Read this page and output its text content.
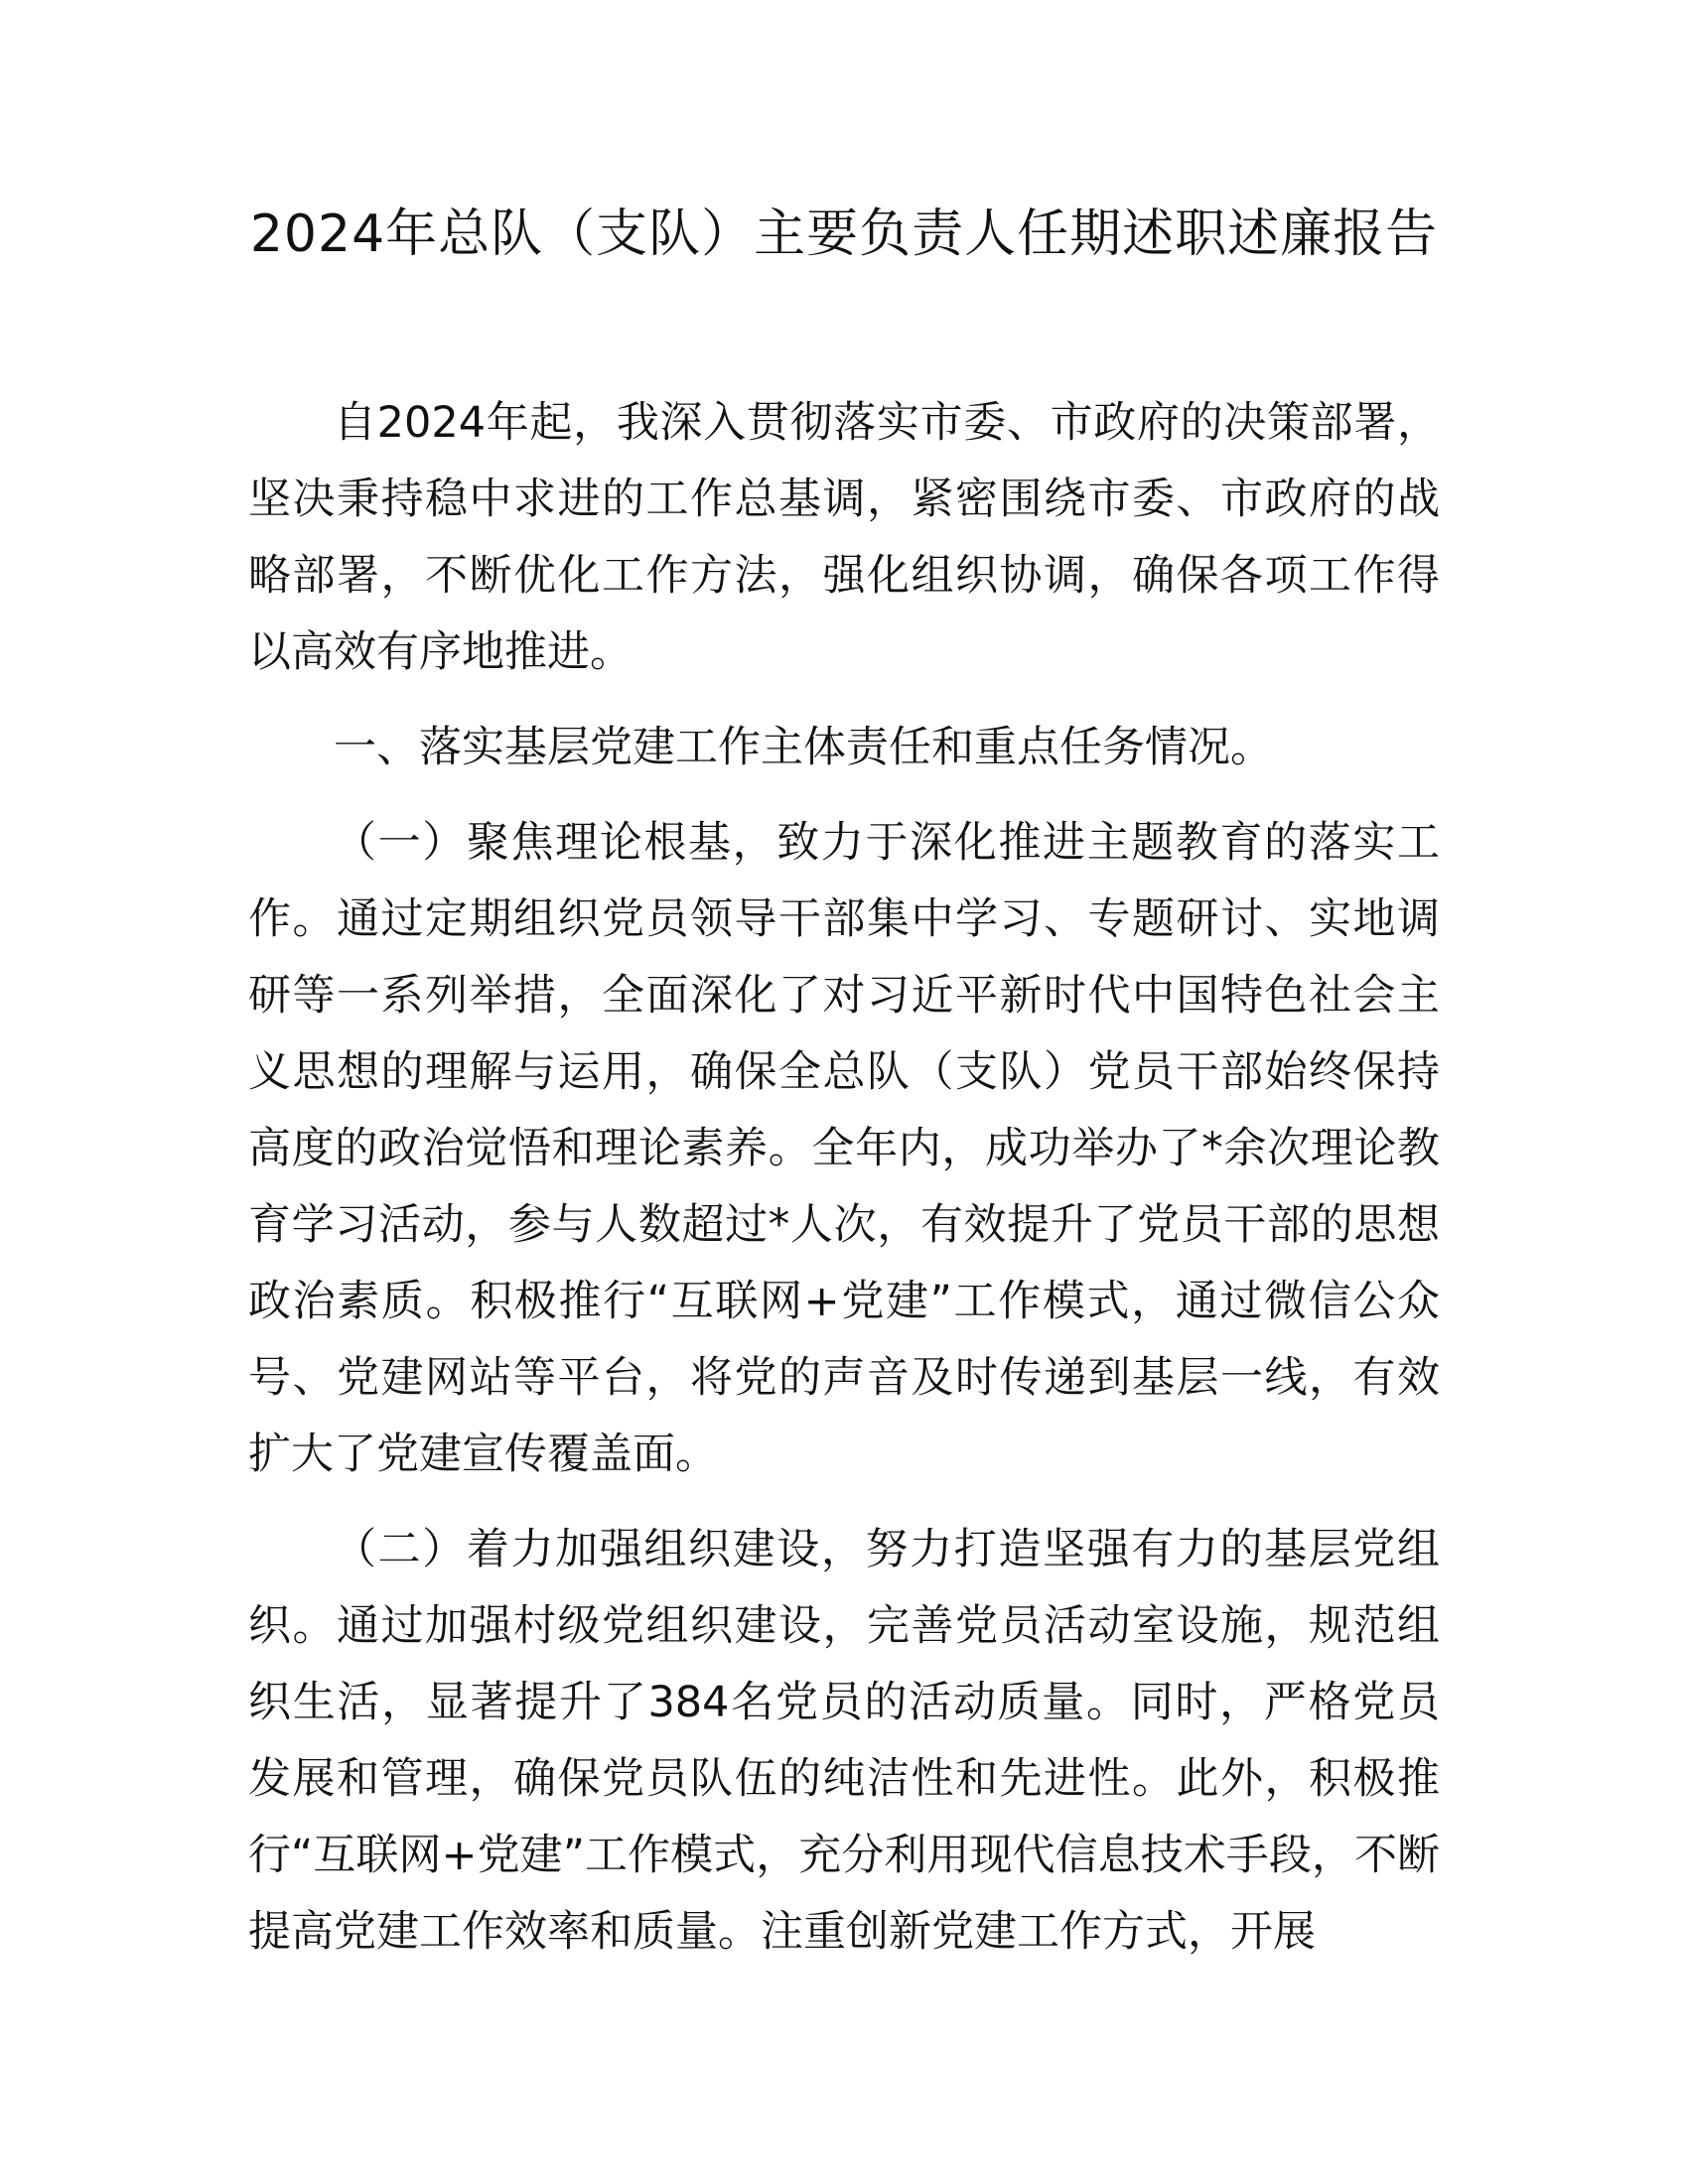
2024年总队（支队）主要负责人任期述职述廉报告

自2024年起，我深入贯彻落实市委、市政府的决策部署，坚决秉持稳中求进的工作总基调，紧密围绕市委、市政府的战略部署，不断优化工作方法，强化组织协调，确保各项工作得以高效有序地推进。

一、落实基层党建工作主体责任和重点任务情况。

（一）聚焦理论根基，致力于深化推进主题教育的落实工作。通过定期组织党员领导干部集中学习、专题研讨、实地调研等一系列举措，全面深化了对习近平新时代中国特色社会主义思想的理解与运用，确保全总队（支队）党员干部始终保持高度的政治觉悟和理论素养。全年内，成功举办了*余次理论教育学习活动，参与人数超过*人次，有效提升了党员干部的思想政治素质。积极推行“互联网+党建”工作模式，通过微信公众号、党建网站等平台，将党的声音及时传递到基层一线，有效扩大了党建宣传覆盖面。

（二）着力加强组织建设，努力打造坚强有力的基层党组织。通过加强村级党组织建设，完善党员活动室设施，规范组织生活，显著提升了384名党员的活动质量。同时，严格党员发展和管理，确保党员队伍的纯洁性和先进性。此外，积极推行“互联网+党建”工作模式，充分利用现代信息技术手段，不断提高党建工作效率和质量。注重创新党建工作方式，开展
